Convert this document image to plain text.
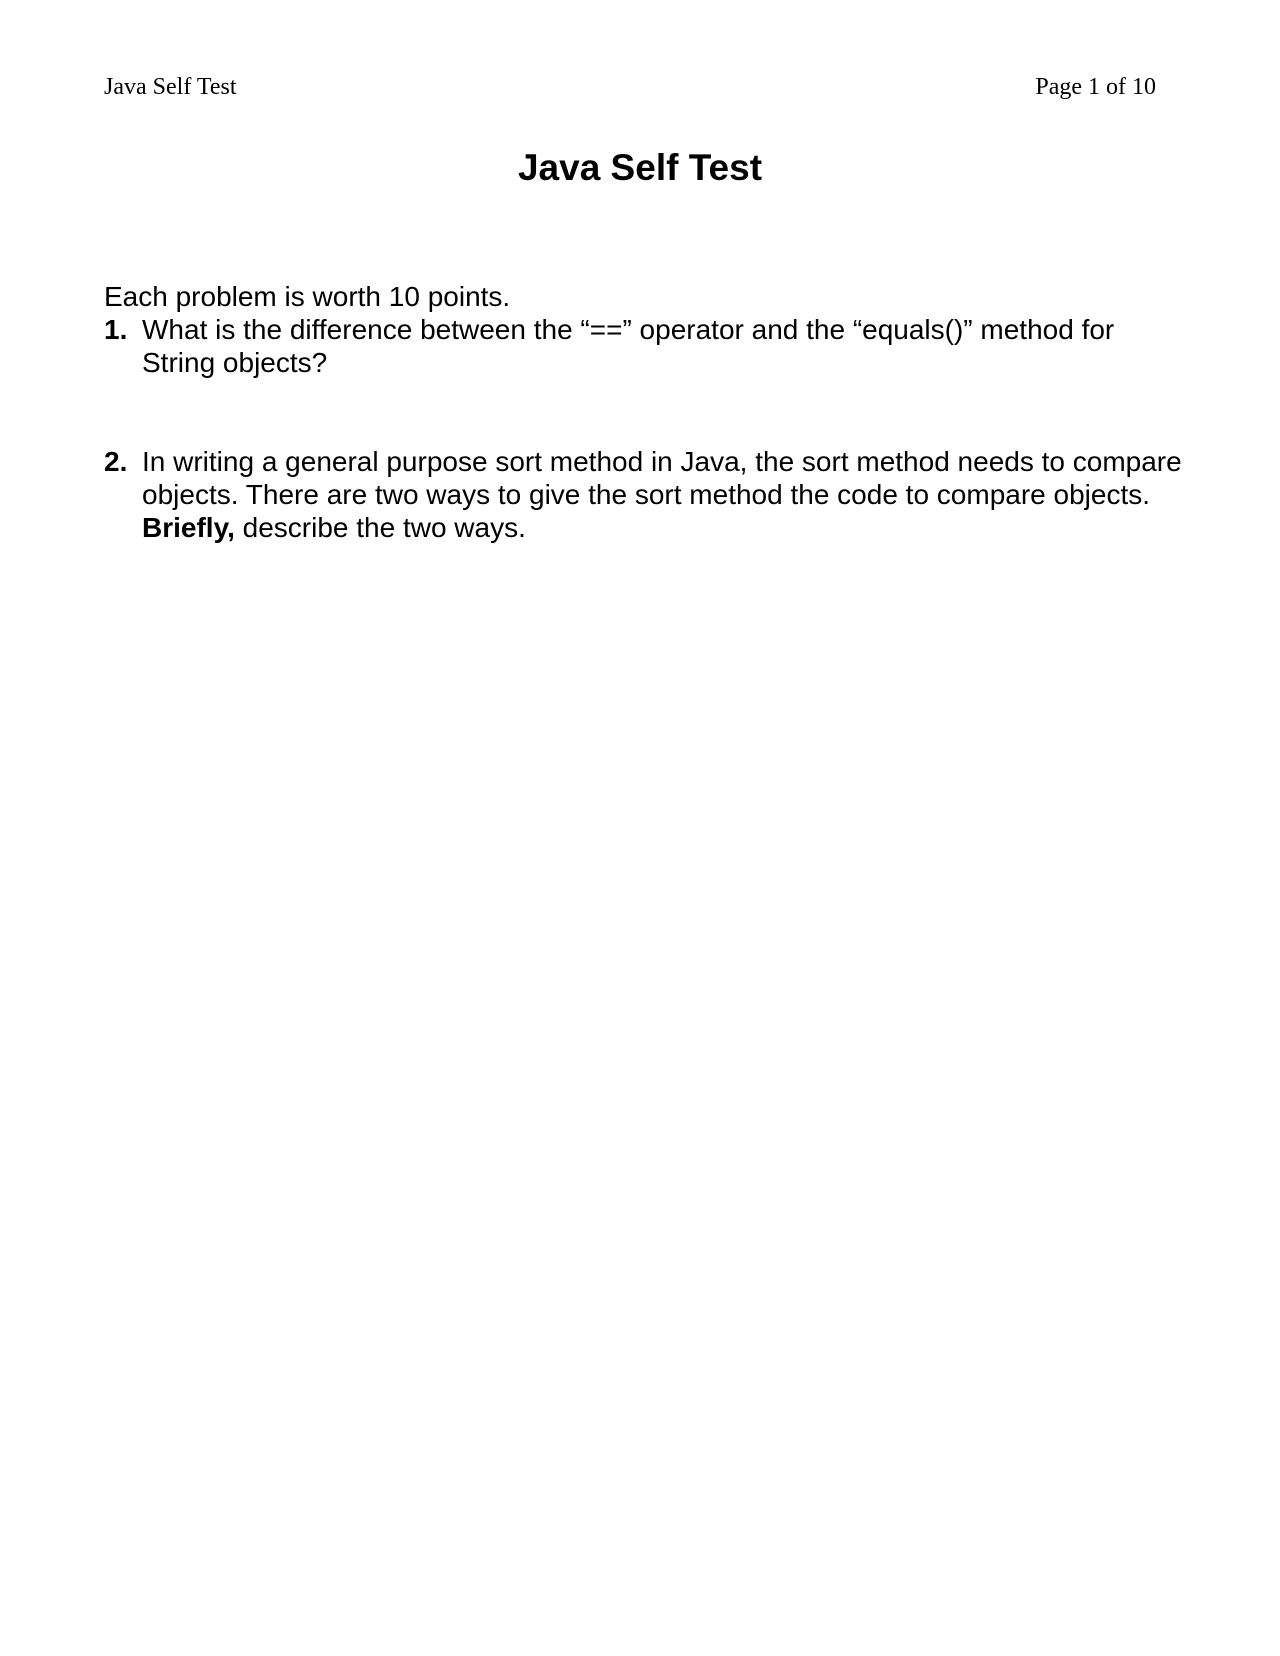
Java Self Test	Page 1 of 10
Java Self Test

Each problem is worth 10 points.

1. What is the difference between the “==” operator and the “equals()” method for String objects?

2. In writing a general purpose sort method in Java, the sort method needs to compare objects. There are two ways to give the sort method the code to compare objects. Briefly, describe the two ways.
